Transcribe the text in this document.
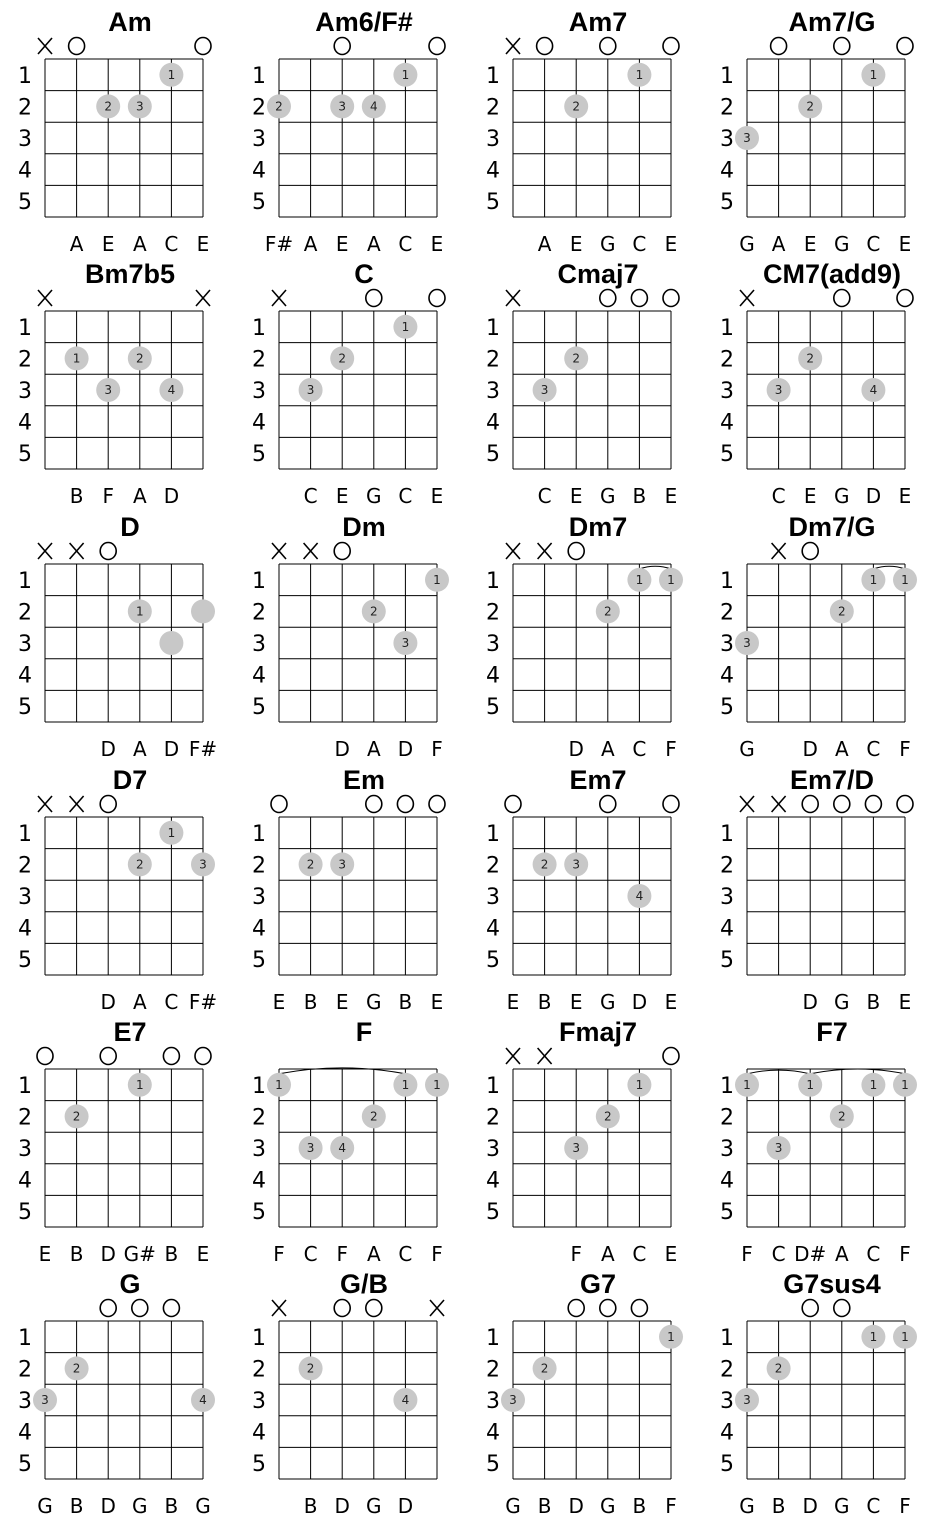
Am
1
2
3
4
5
2 3
1
A E A C E
Am6/F#
1
2
3
4
5
2	3 4
1
F# A E A C E
Am7
1
2
3
4
5
2
1
A E G C E
Am7/G
1
2
3
4
5
3
2
1
G A E G C E
Bm7b5
1
2
3
4
5
1
3
2
4
B F A D
C
1
2
3
4
5
3
2
1
C E G C E
Cmaj7
1
2
3
4
5
3
2
C E G B E
CM7(add9)
1
2
3
4
5
3
2
4
C E G D E
D
1
2
3
4
5
1
D A D F#
Dm
1
2
3
4
5
2
3
1
D A D F
Dm7
1
2
3
4
5
2
1 1
D A C F
Dm7/G
1
2
3
4
5
3
2
1 1
G D A C F
D7
1
2
3
4
5
2
1
3
D A C F#
Em
1
2
3
4
5
2 3
E B E G B E
Em7
1
2
3
4
5
2 3
4
E B E G D E
Em7/D
1
2
3
4
5
D G B E
E7
1
2
3
4
5
2
1
E B D G# B E
F
1
2
3
4
5
1
3 4
2
1 1
F C F A C F
Fmaj7
1
2
3
4
5
3
2
1
F A C E
F7
1
2
3
4
5
1
3
1
2
1 1
F C D# A C F
G
1
2
3
4
5
3
2
4
G B D G B G
G/B
1
2
3
4
5
2
4
B D G D
G7
1
2
3
4
5
3
2
1
G B D G B F
G7sus4
1
2
3
4
5
3
2
1 1
G B D G C F
